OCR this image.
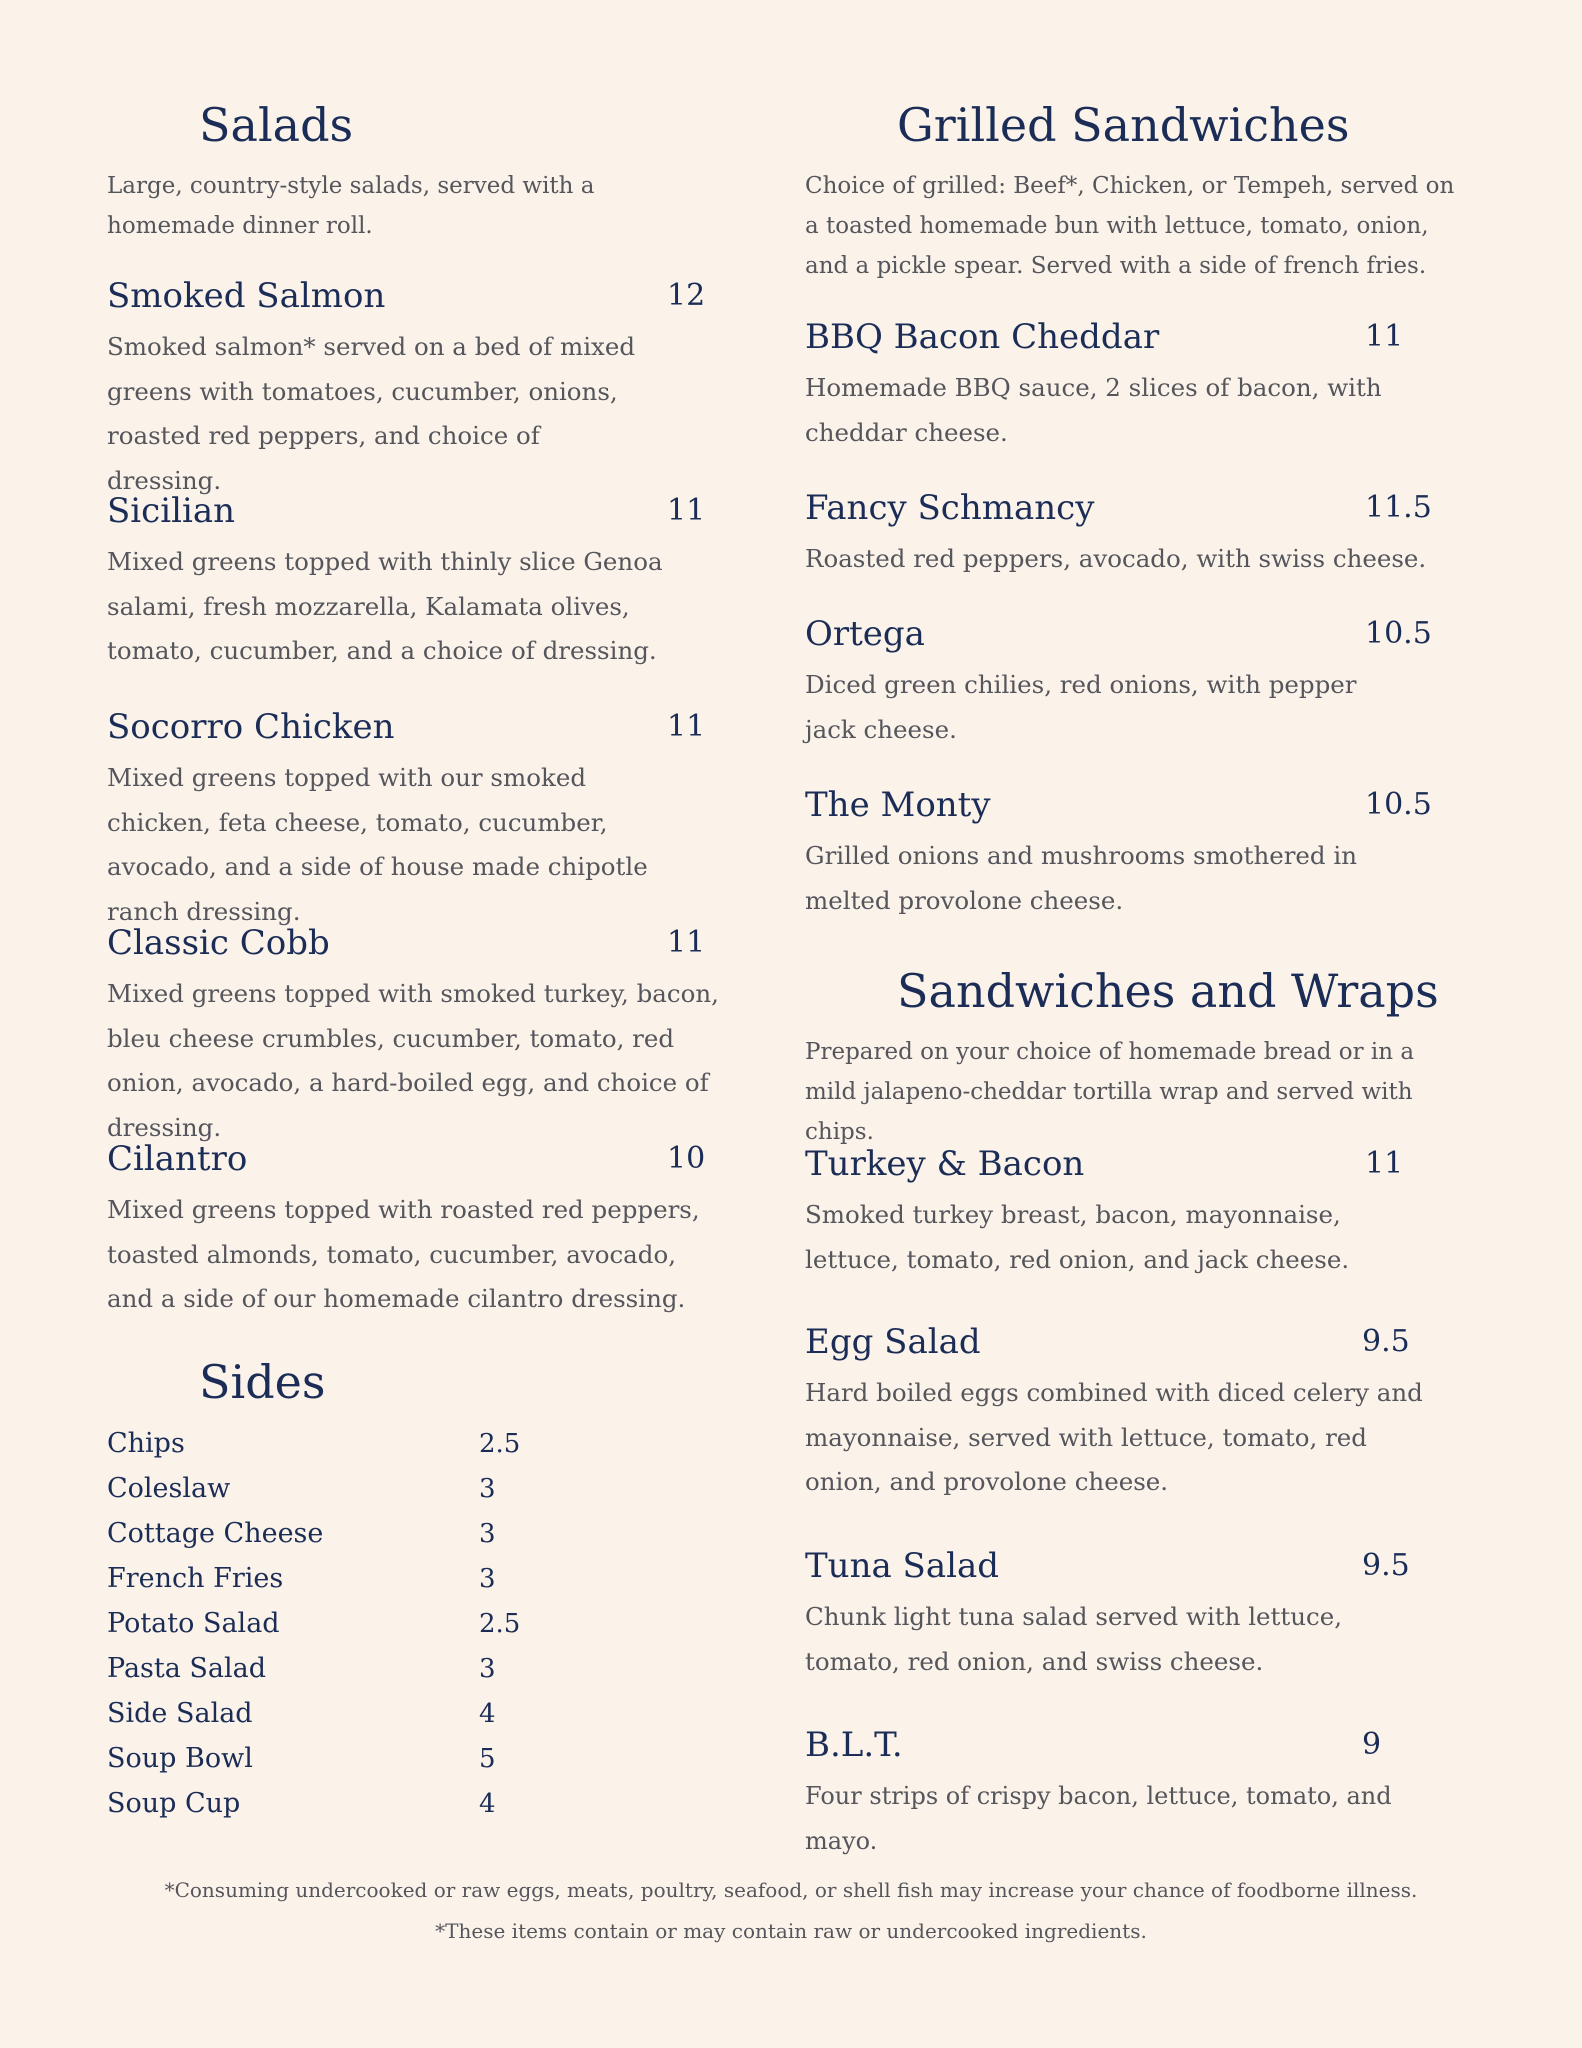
Salads
Large, country-style salads, served with a homemade dinner roll.
Smoked Salmon	12
Smoked salmon* served on a bed of mixed greens with tomatoes, cucumber, onions, roasted red peppers, and choice of dressing.
Sicilian	11
Mixed greens topped with thinly slice Genoa salami, fresh mozzarella, Kalamata olives, tomato, cucumber, and a choice of dressing.
Socorro Chicken	11
Mixed greens topped with our smoked chicken, feta cheese, tomato, cucumber, avocado, and a side of house made chipotle ranch dressing.
Classic Cobb	11
Mixed greens topped with smoked turkey, bacon, bleu cheese crumbles, cucumber, tomato, red onion, avocado, a hard-boiled egg, and choice of dressing.
Cilantro	10
Mixed greens topped with roasted red peppers, toasted almonds, tomato, cucumber, avocado, and a side of our homemade cilantro dressing.
Sides
Chips	2.5
Coleslaw	3
Cottage Cheese	3
French Fries	3
Potato Salad	2.5
Pasta Salad	3
Side Salad	4
Soup Bowl	5
Soup Cup	4
Grilled Sandwiches
Choice of grilled: Beef*, Chicken, or Tempeh, served on a toasted homemade bun with lettuce, tomato, onion, and a pickle spear. Served with a side of french fries.
BBQ Bacon Cheddar	11
Homemade BBQ sauce, 2 slices of bacon, with cheddar cheese.
Fancy Schmancy	11.5
Roasted red peppers, avocado, with swiss cheese.
Ortega	10.5
Diced green chilies, red onions, with pepper jack cheese.
The Monty	10.5
Grilled onions and mushrooms smothered in melted provolone cheese.
Sandwiches and Wraps
Prepared on your choice of homemade bread or in a mild jalapeno-cheddar tortilla wrap and served with chips.
Turkey & Bacon	11
Smoked turkey breast, bacon, mayonnaise, lettuce, tomato, red onion, and jack cheese.
Egg Salad	9.5
Hard boiled eggs combined with diced celery and mayonnaise, served with lettuce, tomato, red onion, and provolone cheese.
Tuna Salad	9.5
Chunk light tuna salad served with lettuce, tomato, red onion, and swiss cheese.
B.L.T.	9
Four strips of crispy bacon, lettuce, tomato, and mayo.
*Consuming undercooked or raw eggs, meats, poultry, seafood, or shell fish may increase your chance of foodborne illness.
*These items contain or may contain raw or undercooked ingredients.
